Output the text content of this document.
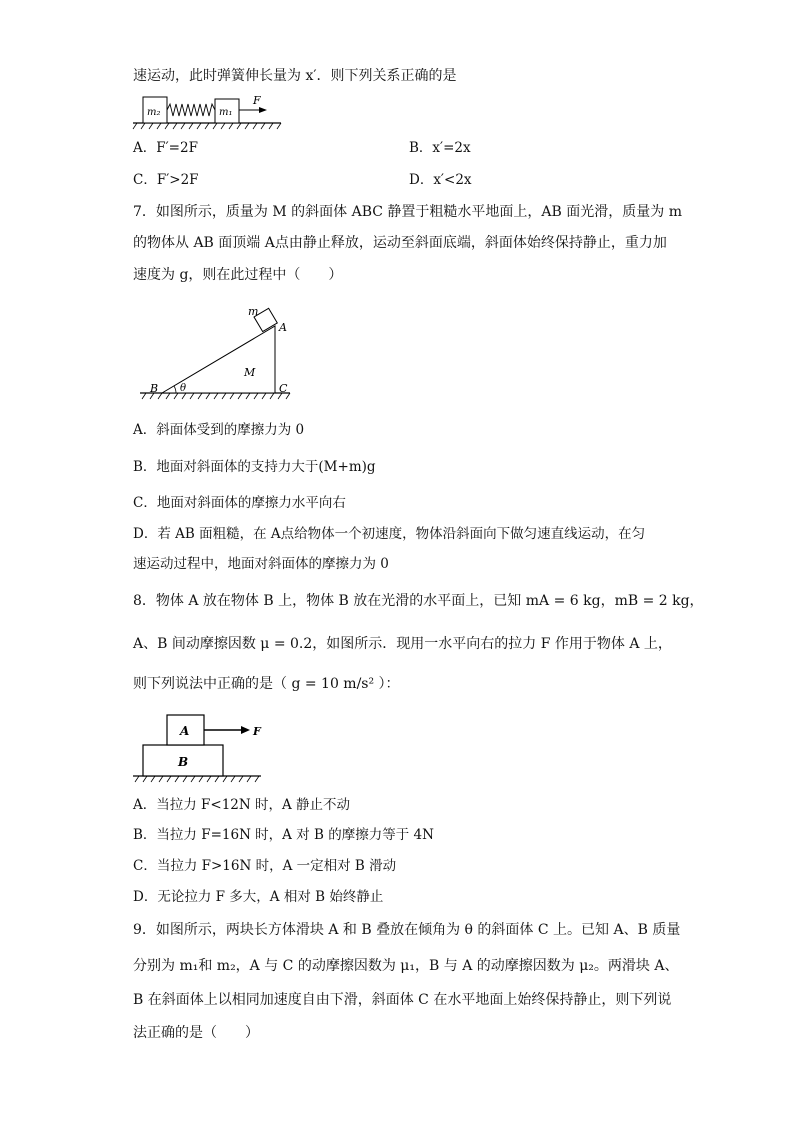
速运动，此时弹簧伸长量为 x′．则下列关系正确的是
m₂	m₁
F
A．F′=2F	B．x′=2x
C．F′>2F	D．x′<2x
7．如图所示，质量为 M 的斜面体 ABC 静置于粗糙水平地面上，AB 面光滑，质量为 m
的物体从 AB 面顶端 A点由静止释放，运动至斜面底端，斜面体始终保持静止，重力加
速度为 g，则在此过程中（　　）
m
A
B	C
M
θ
A．斜面体受到的摩擦力为 0
B．地面对斜面体的支持力大于(M+m)g
C．地面对斜面体的摩擦力水平向右
D．若 AB 面粗糙，在 A点给物体一个初速度，物体沿斜面向下做匀速直线运动，在匀
速运动过程中，地面对斜面体的摩擦力为 0
8．物体 A 放在物体 B 上，物体 B 放在光滑的水平面上，已知 mA = 6 kg，mB = 2 kg，
A、B 间动摩擦因数 μ = 0.2，如图所示．现用一水平向右的拉力 F 作用于物体 A 上，
则下列说法中正确的是（ g = 10 m/s² ）：
B
A	F
A．当拉力 F<12N 时，A 静止不动
B．当拉力 F=16N 时，A 对 B 的摩擦力等于 4N
C．当拉力 F>16N 时，A 一定相对 B 滑动
D．无论拉力 F 多大，A 相对 B 始终静止
9．如图所示，两块长方体滑块 A 和 B 叠放在倾角为 θ 的斜面体 C 上。已知 A、B 质量
分别为 m₁和 m₂，A 与 C 的动摩擦因数为 μ₁，B 与 A 的动摩擦因数为 μ₂。两滑块 A、
B 在斜面体上以相同加速度自由下滑，斜面体 C 在水平地面上始终保持静止，则下列说
法正确的是（　　）
